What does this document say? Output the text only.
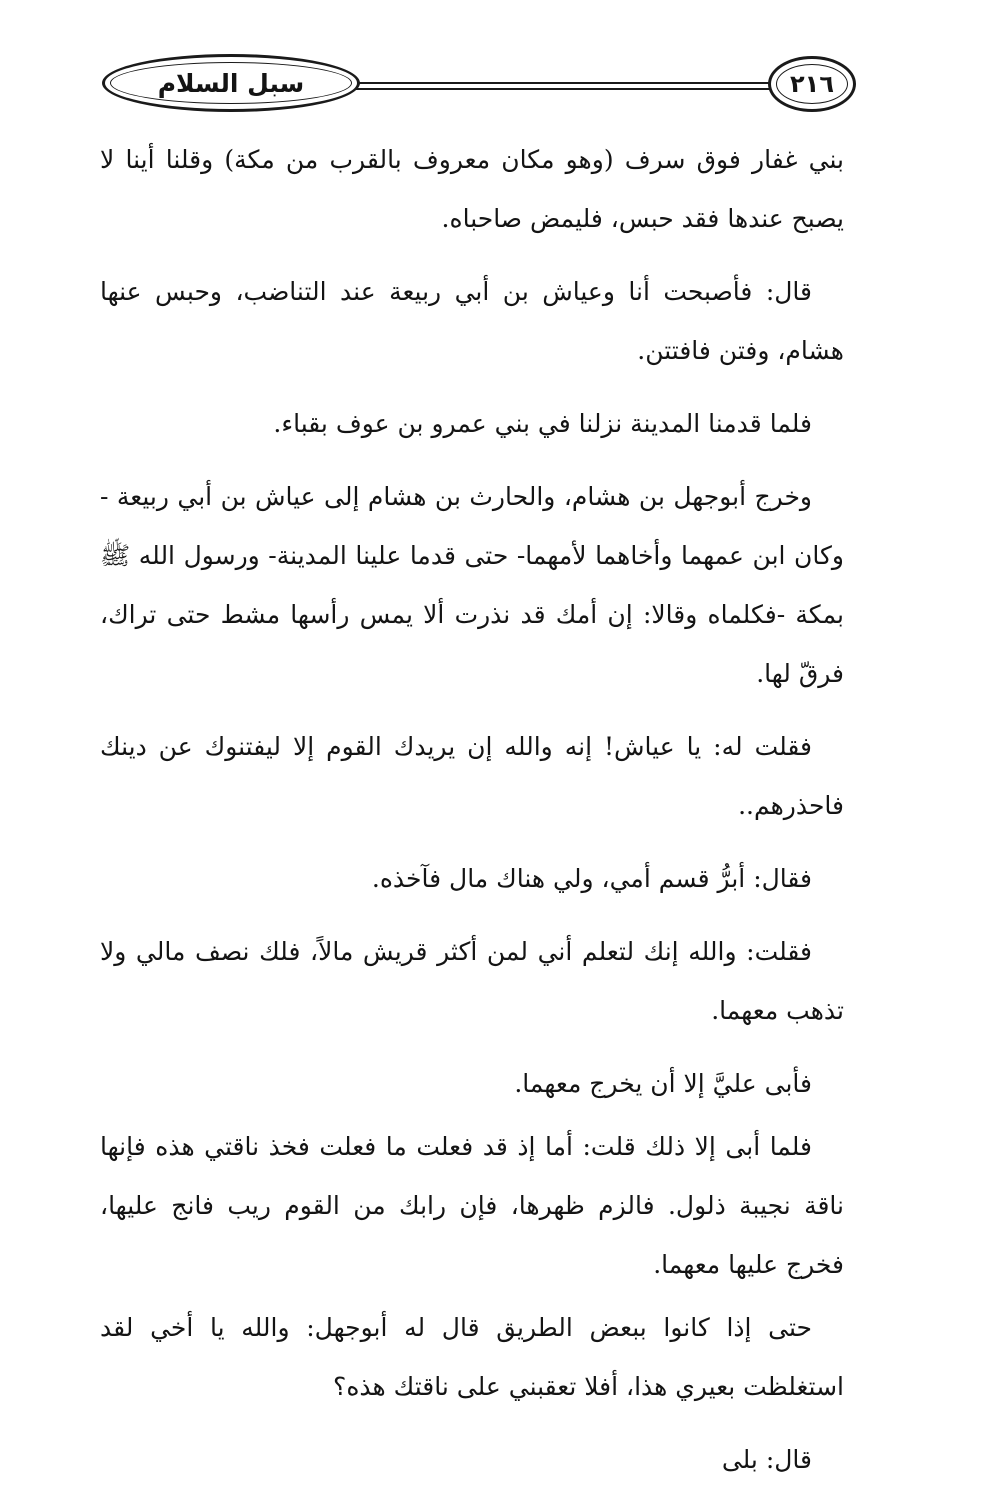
سبل السلام	٢١٦

بني غفار فوق سرف (وهو مكان معروف بالقرب من مكة) وقلنا أينا لا يصبح عندها فقد حبس، فليمض صاحباه.

قال: فأصبحت أنا وعياش بن أبي ربيعة عند التناضب، وحبس عنها هشام، وفتن فافتتن.

فلما قدمنا المدينة نزلنا في بني عمرو بن عوف بقباء.

وخرج أبوجهل بن هشام، والحارث بن هشام إلى عياش بن أبي ربيعة - وكان ابن عمهما وأخاهما لأمهما- حتى قدما علينا المدينة- ورسول الله ﷺ بمكة -فكلماه وقالا: إن أمك قد نذرت ألا يمس رأسها مشط حتى تراك، فرقّ لها.

فقلت له: يا عياش! إنه والله إن يريدك القوم إلا ليفتنوك عن دينك فاحذرهم..

فقال: أبرُّ قسم أمي، ولي هناك مال فآخذه.

فقلت: والله إنك لتعلم أني لمن أكثر قريش مالاً، فلك نصف مالي ولا تذهب معهما.

فأبى عليَّ إلا أن يخرج معهما.

فلما أبى إلا ذلك قلت: أما إذ قد فعلت ما فعلت فخذ ناقتي هذه فإنها ناقة نجيبة ذلول. فالزم ظهرها، فإن رابك من القوم ريب فانج عليها، فخرج عليها معهما.

حتى إذا كانوا ببعض الطريق قال له أبوجهل: والله يا أخي لقد استغلظت بعيري هذا، أفلا تعقبني على ناقتك هذه؟

قال: بلى
